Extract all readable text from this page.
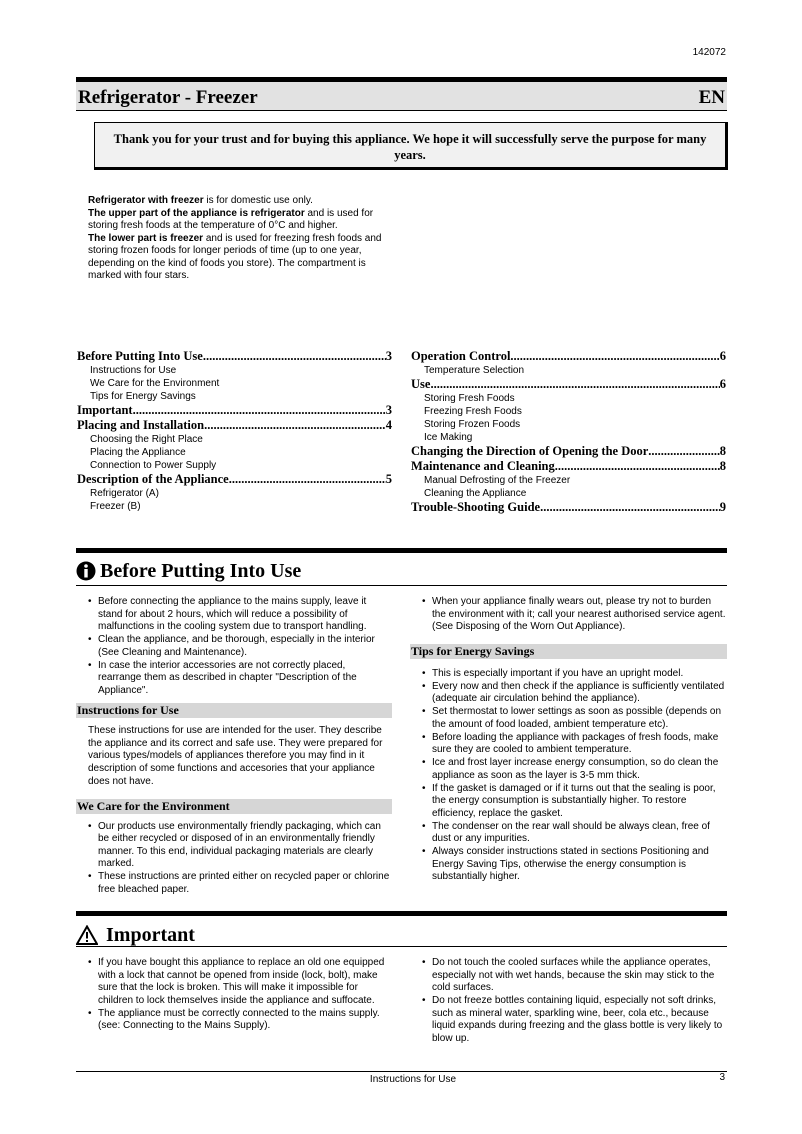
142072
Refrigerator - Freezer	EN
Thank you for your trust and for buying this appliance. We hope it will successfully serve the purpose for many years.

Refrigerator with freezer is for domestic use only.

The upper part of the appliance is refrigerator and is used for storing fresh foods at the temperature of 0°C and higher.

The lower part is freezer and is used for freezing fresh foods and storing frozen foods for longer periods of time (up to one year, depending on the kind of foods you store). The compartment is marked with four stars.

Before Putting Into Use .....	3
Instructions for Use
We Care for the Environment
Tips for Energy Savings
Important .....	3
Placing and Installation .....	4
Choosing the Right Place
Placing the Appliance
Connection to Power Supply
Description of the Appliance .....	5
Refrigerator (A)
Freezer (B)
Operation Control .....	6
Temperature Selection
Use .....	6
Storing Fresh Foods
Freezing Fresh Foods
Storing Frozen Foods
Ice Making
Changing the Direction of Opening the Door .....	8
Maintenance and Cleaning .....	8
Manual Defrosting of the Freezer
Cleaning the Appliance
Trouble-Shooting Guide .....	9
Before Putting Into Use
• Before connecting the appliance to the mains supply, leave it stand for about 2 hours, which will reduce a possibility of malfunctions in the cooling system due to transport handling.
• Clean the appliance, and be thorough, especially in the interior (See Cleaning and Maintenance).
• In case the interior accessories are not correctly placed, rearrange them as described in chapter "Description of the Appliance".
Instructions for Use
These instructions for use are intended for the user. They describe the appliance and its correct and safe use. They were prepared for various types/models of appliances therefore you may find in it description of some functions and accesories that your appliance does not have.
We Care for the Environment
• Our products use environmentally friendly packaging, which can be either recycled or disposed of in an environmentally friendly manner. To this end, individual packaging materials are clearly marked.
• These instructions are printed either on recycled paper or chlorine free bleached paper.
• When your appliance finally wears out, please try not to burden the environment with it; call your nearest authorised service agent. (See Disposing of the Worn Out Appliance).
Tips for Energy Savings
• This is especially important if you have an upright model.
• Every now and then check if the appliance is sufficiently ventilated (adequate air circulation behind the appliance).
• Set thermostat to lower settings as soon as possible (depends on the amount of food loaded, ambient temperature etc).
• Before loading the appliance with packages of fresh foods, make sure they are cooled to ambient temperature.
• Ice and frost layer increase energy consumption, so do clean the appliance as soon as the layer is 3-5 mm thick.
• If the gasket is damaged or if it turns out that the sealing is poor, the energy consumption is substantially higher. To restore efficiency, replace the gasket.
• The condenser on the rear wall should be always clean, free of dust or any impurities.
• Always consider instructions stated in sections Positioning and Energy Saving Tips, otherwise the energy consumption is substantially higher.
Important
• If you have bought this appliance to replace an old one equipped with a lock that cannot be opened from inside (lock, bolt), make sure that the lock is broken. This will make it impossible for children to lock themselves inside the appliance and suffocate.
• The appliance must be correctly connected to the mains supply. (see: Connecting to the Mains Supply).
• Do not touch the cooled surfaces while the appliance operates, especially not with wet hands, because the skin may stick to the cold surfaces.
• Do not freeze bottles containing liquid, especially not soft drinks, such as mineral water, sparkling wine, beer, cola etc., because liquid expands during freezing and the glass bottle is very likely to blow up.
Instructions for Use	3
